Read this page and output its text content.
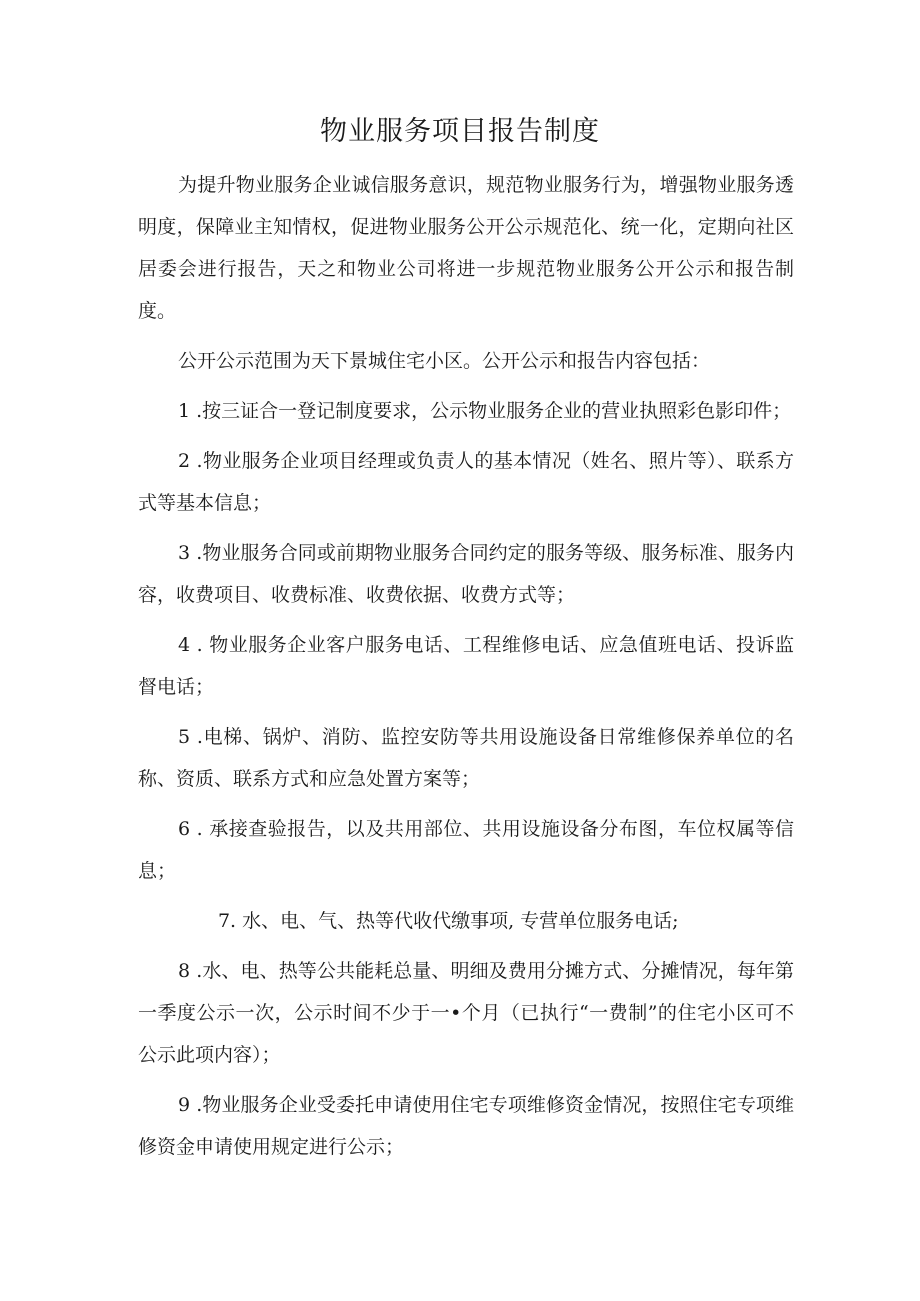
物业服务项目报告制度

为提升物业服务企业诚信服务意识，规范物业服务行为，增强物业服务透明度，保障业主知情权，促进物业服务公开公示规范化、统一化，定期向社区居委会进行报告，天之和物业公司将进一步规范物业服务公开公示和报告制度。

公开公示范围为天下景城住宅小区。公开公示和报告内容包括：

1 .按三证合一登记制度要求，公示物业服务企业的营业执照彩色影印件；

2 .物业服务企业项目经理或负责人的基本情况（姓名、照片等）、联系方式等基本信息；

3 .物业服务合同或前期物业服务合同约定的服务等级、服务标准、服务内容，收费项目、收费标准、收费依据、收费方式等；

4 . 物业服务企业客户服务电话、工程维修电话、应急值班电话、投诉监督电话；

5 .电梯、锅炉、消防、监控安防等共用设施设备日常维修保养单位的名称、资质、联系方式和应急处置方案等；

6 . 承接查验报告，以及共用部位、共用设施设备分布图，车位权属等信息；

7. 水、电、气、热等代收代缴事项, 专营单位服务电话;

8 .水、电、热等公共能耗总量、明细及费用分摊方式、分摊情况，每年第一季度公示一次，公示时间不少于一•个月（已执行“一费制”的住宅小区可不公示此项内容）；

9 .物业服务企业受委托申请使用住宅专项维修资金情况，按照住宅专项维修资金申请使用规定进行公示；
